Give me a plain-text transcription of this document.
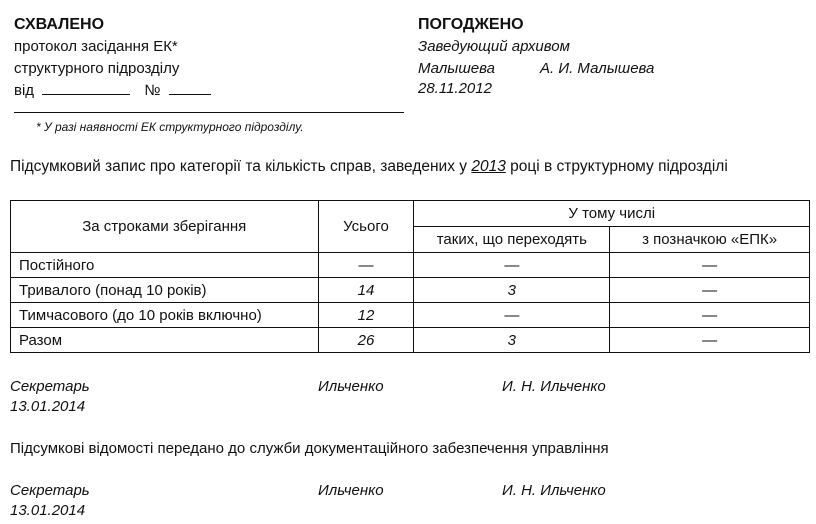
СХВАЛЕНО
протокол засідання ЕК*
структурного підрозділу
від	№
ПОГОДЖЕНО
Заведующий архивом
Малышева	А. И. Малышева
28.11.2012
* У разі наявності ЕК структурного підрозділу.
Підсумковий запис про категорії та кількість справ, заведених у 2013 році в структурному підрозділі
За строками зберігання	Усього	У тому числі	
		таких, що переходять	з позначкою «ЕПК»
Постійного	—	—	—
Тривалого (понад 10 років)	14	3	—
Тимчасового (до 10 років включно)	12	—	—
Разом	26	3	—
Секретарь	Ильченко	И. Н. Ильченко
13.01.2014
Підсумкові відомості передано до служби документаційного забезпечення управління
Секретарь	Ильченко	И. Н. Ильченко
13.01.2014
